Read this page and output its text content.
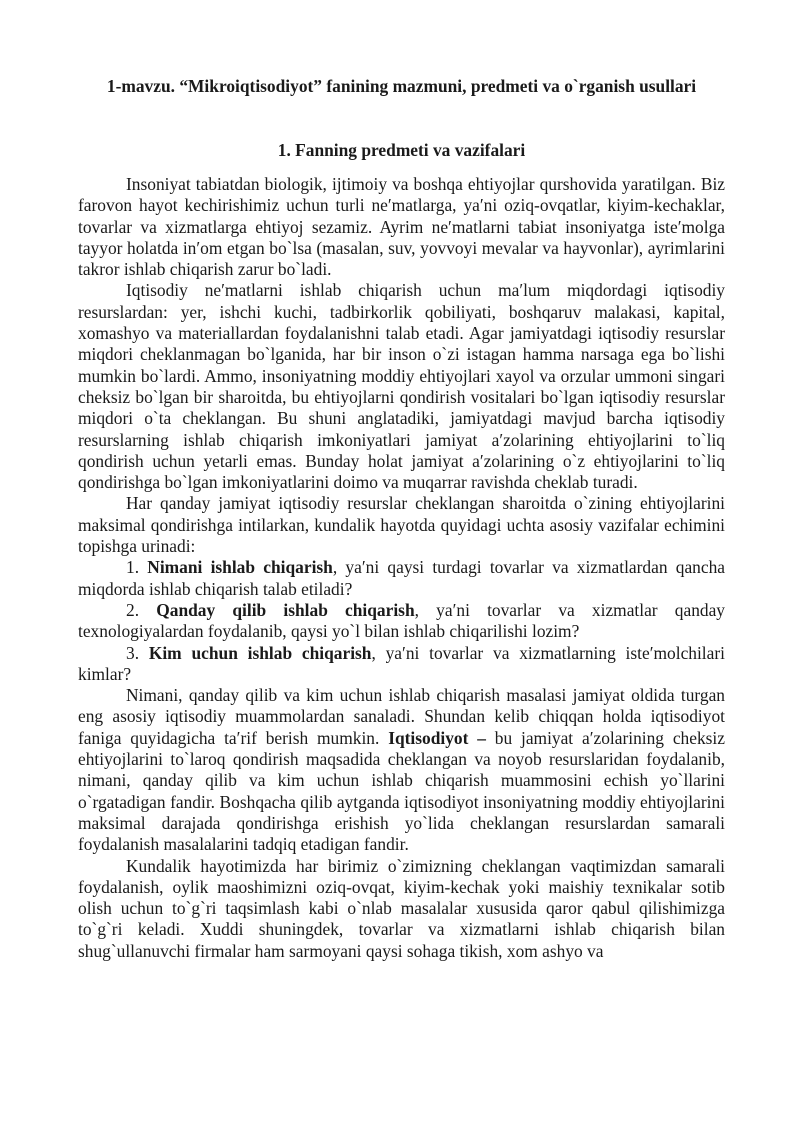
1-mavzu. “Mikroiqtisodiyot” fanining mazmuni, predmeti va o`rganish usullari

1. Fanning predmeti va vazifalari

Insoniyat tabiatdan biologik, ijtimoiy va boshqa ehtiyojlar qurshovida yaratilgan. Biz farovon hayot kechirishimiz uchun turli ne′matlarga, ya′ni oziq-ovqatlar, kiyim-kechaklar, tovarlar va xizmatlarga ehtiyoj sezamiz. Ayrim ne′matlarni tabiat insoniyatga iste′molga tayyor holatda in′om etgan bo`lsa (masalan, suv, yovvoyi mevalar va hayvonlar), ayrimlarini takror ishlab chiqarish zarur bo`ladi.

Iqtisodiy ne′matlarni ishlab chiqarish uchun ma′lum miqdordagi iqtisodiy resurslardan: yer, ishchi kuchi, tadbirkorlik qobiliyati, boshqaruv malakasi, kapital, xomashyo va materiallardan foydalanishni talab etadi. Agar jamiyatdagi iqtisodiy resurslar miqdori cheklanmagan bo`lganida, har bir inson o`zi istagan hamma narsaga ega bo`lishi mumkin bo`lardi. Ammo, insoniyatning moddiy ehtiyojlari xayol va orzular ummoni singari cheksiz bo`lgan bir sharoitda, bu ehtiyojlarni qondirish vositalari bo`lgan iqtisodiy resurslar miqdori o`ta cheklangan. Bu shuni anglatadiki, jamiyatdagi mavjud barcha iqtisodiy resurslarning ishlab chiqarish imkoniyatlari jamiyat a′zolarining ehtiyojlarini to`liq qondirish uchun yetarli emas. Bunday holat jamiyat a′zolarining o`z ehtiyojlarini to`liq qondirishga bo`lgan imkoniyatlarini doimo va muqarrar ravishda cheklab turadi.

Har qanday jamiyat iqtisodiy resurslar cheklangan sharoitda o`zining ehtiyojlarini maksimal qondirishga intilarkan, kundalik hayotda quyidagi uchta asosiy vazifalar echimini topishga urinadi:

1. Nimani ishlab chiqarish, ya′ni qaysi turdagi tovarlar va xizmatlardan qancha miqdorda ishlab chiqarish talab etiladi?

2. Qanday qilib ishlab chiqarish, ya′ni tovarlar va xizmatlar qanday texnologiyalardan foydalanib, qaysi yo`l bilan ishlab chiqarilishi lozim?

3. Kim uchun ishlab chiqarish, ya′ni tovarlar va xizmatlarning iste′molchilari kimlar?

Nimani, qanday qilib va kim uchun ishlab chiqarish masalasi jamiyat oldida turgan eng asosiy iqtisodiy muammolardan sanaladi. Shundan kelib chiqqan holda iqtisodiyot faniga quyidagicha ta′rif berish mumkin. Iqtisodiyot – bu jamiyat a′zolarining cheksiz ehtiyojlarini to`laroq qondirish maqsadida cheklangan va noyob resurslaridan foydalanib, nimani, qanday qilib va kim uchun ishlab chiqarish muammosini echish yo`llarini o`rgatadigan fandir. Boshqacha qilib aytganda iqtisodiyot insoniyatning moddiy ehtiyojlarini maksimal darajada qondirishga erishish yo`lida cheklangan resurslardan samarali foydalanish masalalarini tadqiq etadigan fandir.

Kundalik hayotimizda har birimiz o`zimizning cheklangan vaqtimizdan samarali foydalanish, oylik maoshimizni oziq-ovqat, kiyim-kechak yoki maishiy texnikalar sotib olish uchun to`g`ri taqsimlash kabi o`nlab masalalar xususida qaror qabul qilishimizga to`g`ri keladi. Xuddi shuningdek, tovarlar va xizmatlarni ishlab chiqarish bilan shug`ullanuvchi firmalar ham sarmoyani qaysi sohaga tikish, xom ashyo va
